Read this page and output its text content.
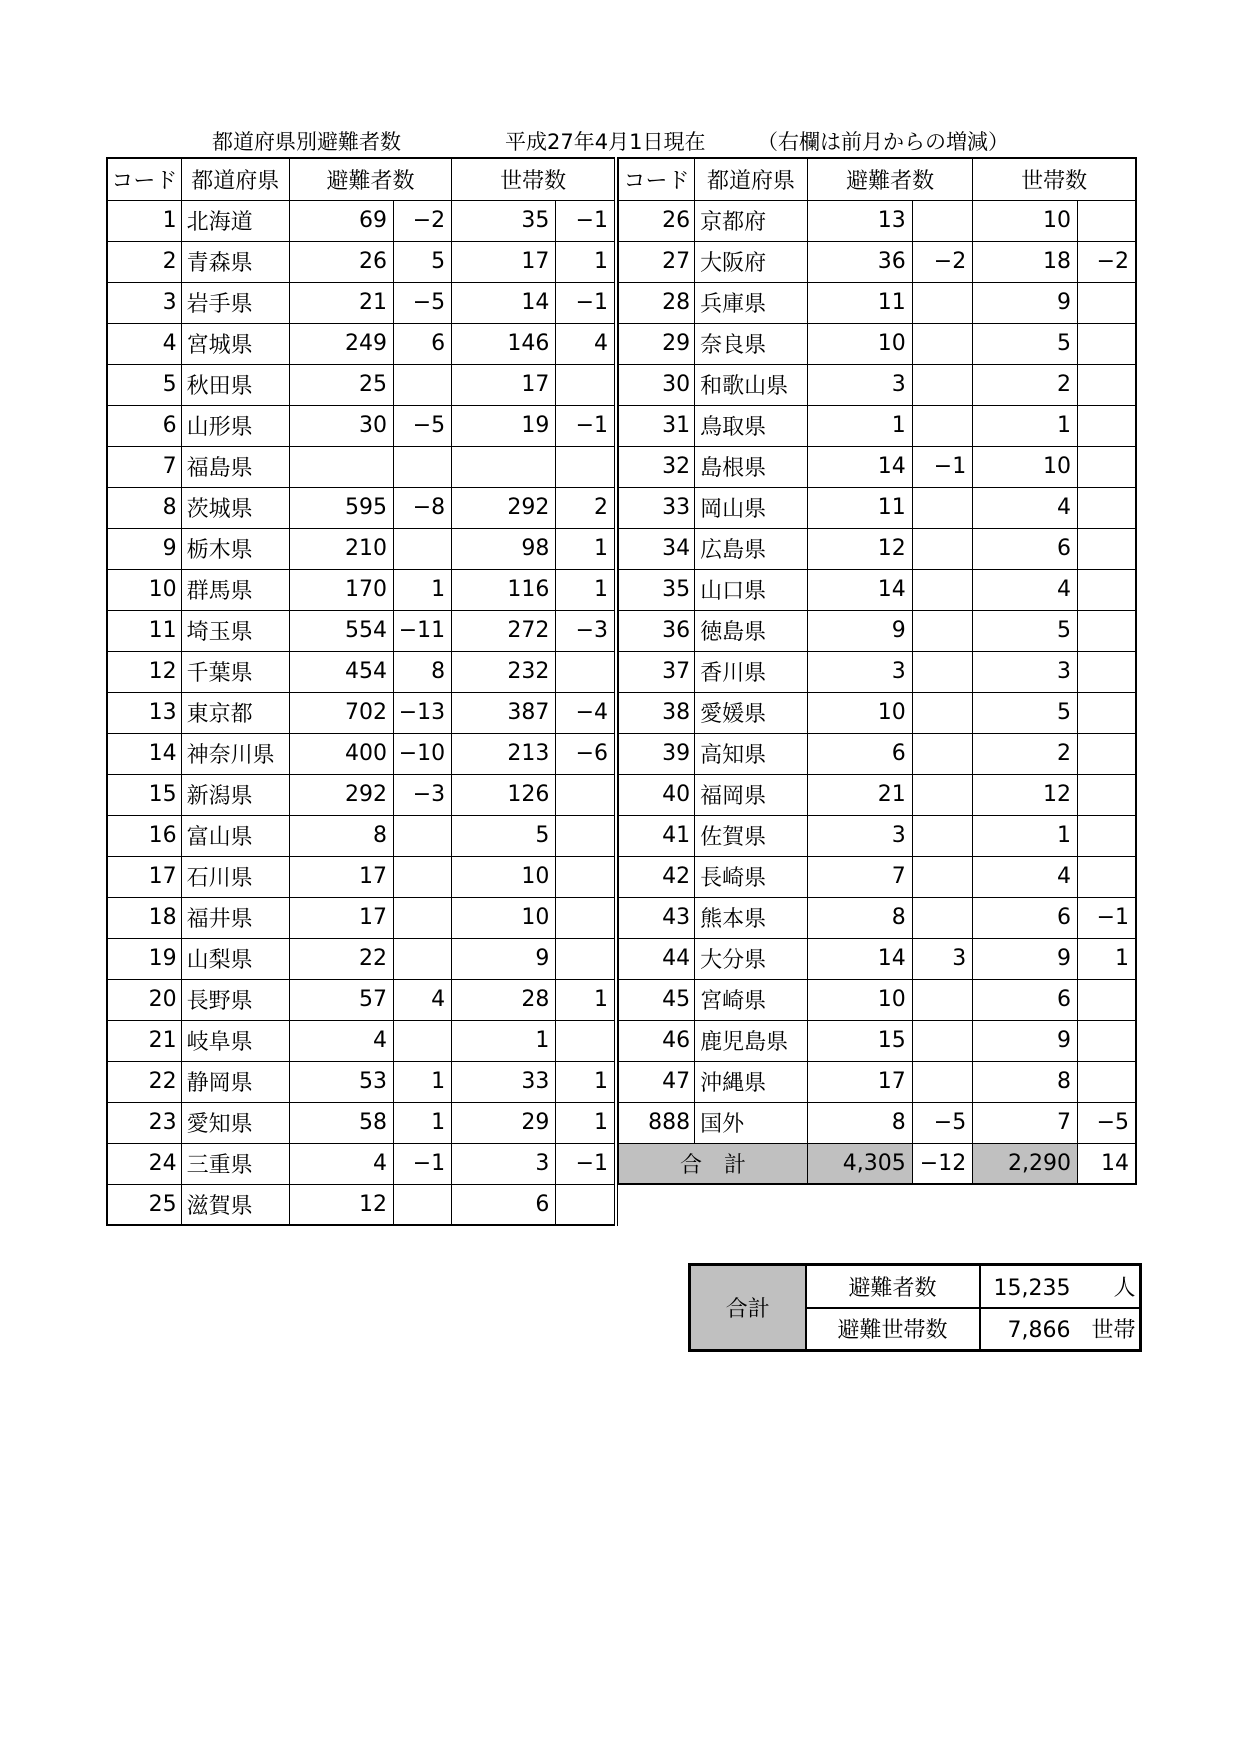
都道府県別避難者数	平成27年4月1日現在 （右欄は前月からの増減）
コード	都道府県	避難者数		世帯数	
1	北海道	69	−2	35	−1
2	青森県	26	5	17	1
3	岩手県	21	−5	14	−1
4	宮城県	249	6	146	4
5	秋田県	25		17	
6	山形県	30	−5	19	−1
7	福島県				
8	茨城県	595	−8	292	2
9	栃木県	210		98	1
10	群馬県	170	1	116	1
11	埼玉県	554	−11	272	−3
12	千葉県	454	8	232	
13	東京都	702	−13	387	−4
14	神奈川県	400	−10	213	−6
15	新潟県	292	−3	126	
16	富山県	8		5	
17	石川県	17		10	
18	福井県	17		10	
19	山梨県	22		9	
20	長野県	57	4	28	1
21	岐阜県	4		1	
22	静岡県	53	1	33	1
23	愛知県	58	1	29	1
24	三重県	4	−1	3	−1
25	滋賀県	12		6	
コード	都道府県	避難者数		世帯数	
26	京都府	13		10	
27	大阪府	36	−2	18	−2
28	兵庫県	11		9	
29	奈良県	10		5	
30	和歌山県	3		2	
31	鳥取県	1		1	
32	島根県	14	−1	10	
33	岡山県	11		4	
34	広島県	12		6	
35	山口県	14		4	
36	徳島県	9		5	
37	香川県	3		3	
38	愛媛県	10		5	
39	高知県	6		2	
40	福岡県	21		12	
41	佐賀県	3		1	
42	長崎県	7		4	
43	熊本県	8		6	−1
44	大分県	14	3	9	1
45	宮崎県	10		6	
46	鹿児島県	15		9	
47	沖縄県	17		8	
888	国外	8	−5	7	−5
合　計		4,305	−12	2,290	14
合計	避難者数	15,235 人
	避難世帯数	7,866 世帯
